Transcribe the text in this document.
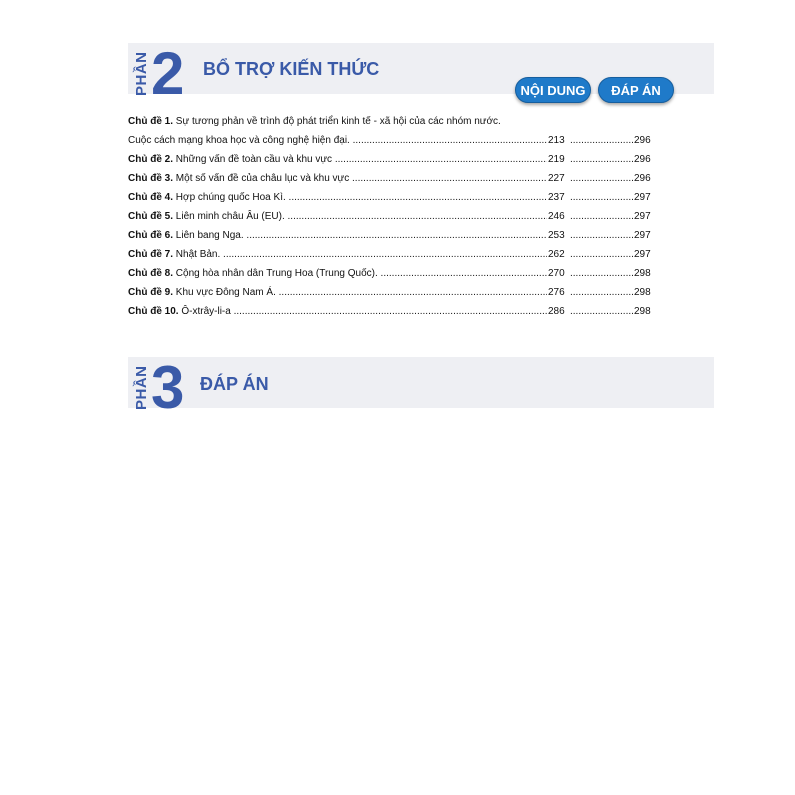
PHẦN 2 BỔ TRỢ KIẾN THỨC
NỘI DUNG	ĐÁP ÁN
Chủ đề 1. Sự tương phản về trình độ phát triển kinh tế - xã hội của các nhóm nước.
Cuộc cách mạng khoa học và công nghệ hiện đại. .....	213 .....	296
Chủ đề 2. Những vấn đề toàn cầu và khu vực .....	219 .....	296
Chủ đề 3. Một số vấn đề của châu lục và khu vực .....	227 .....	296
Chủ đề 4. Hợp chúng quốc Hoa Kì. .....	237 .....	297
Chủ đề 5. Liên minh châu Âu (EU). .....	246 .....	297
Chủ đề 6. Liên bang Nga. .....	253 .....	297
Chủ đề 7. Nhật Bản. .....	262 .....	297
Chủ đề 8. Cộng hòa nhân dân Trung Hoa (Trung Quốc). .....	270 .....	298
Chủ đề 9. Khu vực Đông Nam Á. .....	276 .....	298
Chủ đề 10. Ô-xtrây-li-a .....	286 .....	298
PHẦN 3 ĐÁP ÁN
